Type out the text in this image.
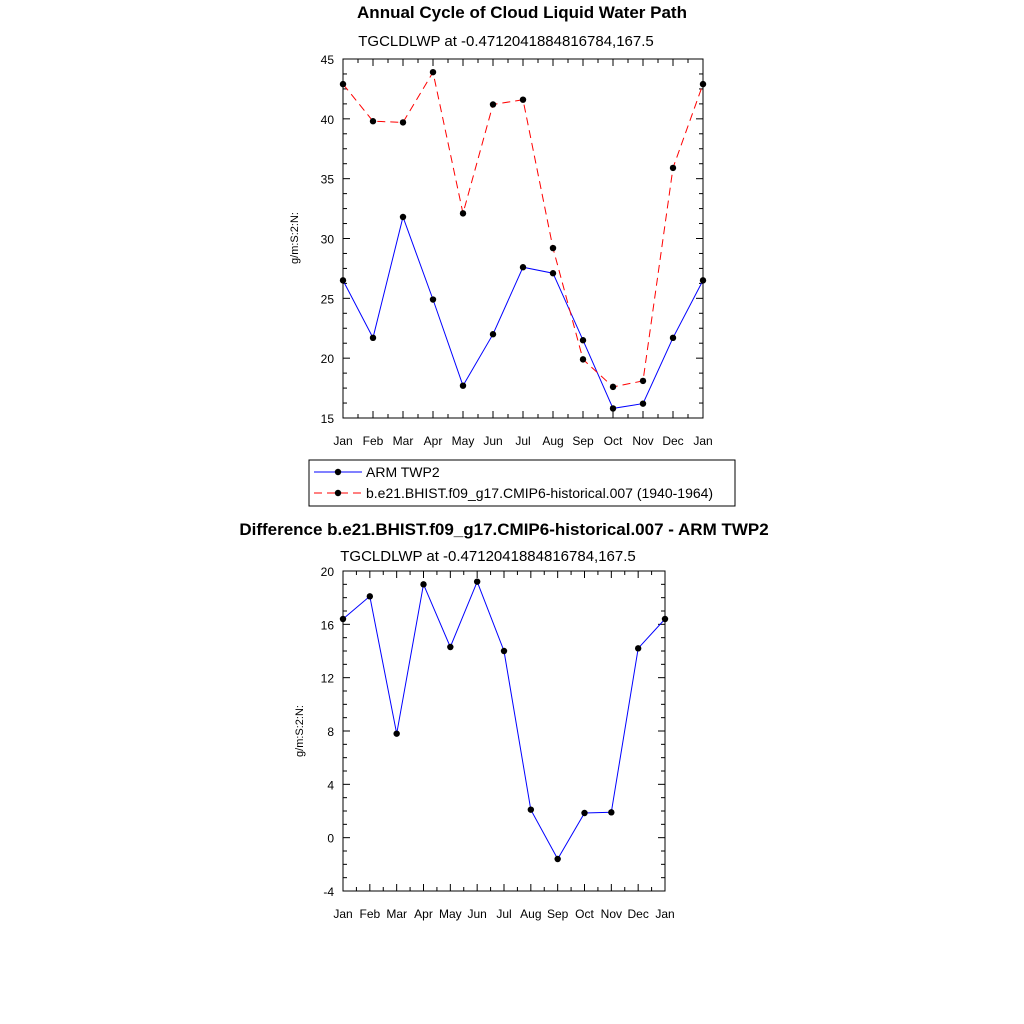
Annual Cycle of Cloud Liquid Water Path
TGCLDLWP at -0.4712041884816784,167.5
g/m:S:2:N:
Jan Feb Mar Apr May Jun Jul Aug Sep Oct Nov Dec Jan
15
20
25
30
35
40
45
ARM TWP2
b.e21.BHIST.f09_g17.CMIP6-historical.007 (1940-1964)
Difference b.e21.BHIST.f09_g17.CMIP6-historical.007 - ARM TWP2
TGCLDLWP at -0.4712041884816784,167.5
g/m:S:2:N:
Jan Feb Mar Apr May Jun Jul Aug Sep Oct Nov Dec Jan
-4
0
4
8
12
16
20
